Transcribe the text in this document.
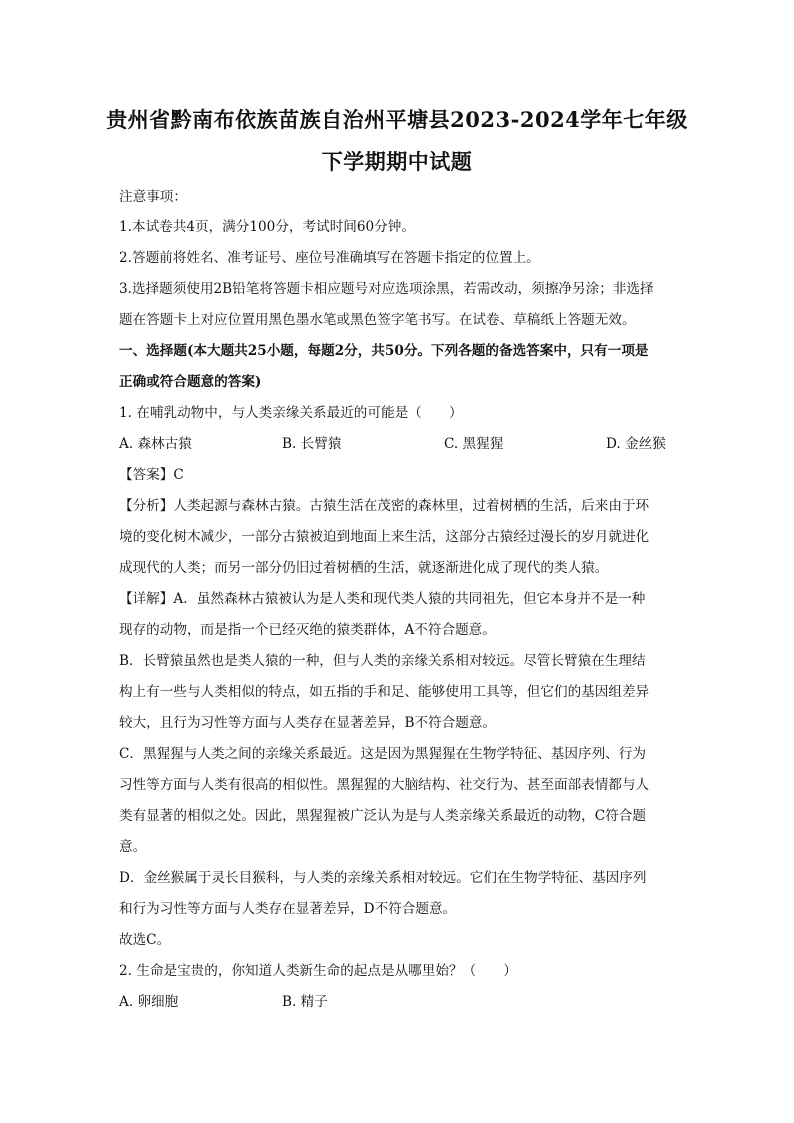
贵州省黔南布依族苗族自治州平塘县2023-2024学年七年级
下学期期中试题
注意事项：
1.本试卷共4页，满分100分，考试时间60分钟。
2.答题前将姓名、准考证号、座位号准确填写在答题卡指定的位置上。
3.选择题须使用2B铅笔将答题卡相应题号对应选项涂黑，若需改动，须擦净另涂；非选择
题在答题卡上对应位置用黑色墨水笔或黑色签字笔书写。在试卷、草稿纸上答题无效。
一、选择题(本大题共25小题，每题2分，共50分。下列各题的备选答案中，只有一项是
正确或符合题意的答案)
1. 在哺乳动物中，与人类亲缘关系最近的可能是（　　）
A. 森林古猿	B. 长臂猿	C. 黑猩猩	D. 金丝猴
【答案】C
【分析】人类起源与森林古猿。古猿生活在茂密的森林里，过着树栖的生活，后来由于环
境的变化树木减少，一部分古猿被迫到地面上来生活，这部分古猿经过漫长的岁月就进化
成现代的人类；而另一部分仍旧过着树栖的生活，就逐渐进化成了现代的类人猿。
【详解】A．虽然森林古猿被认为是人类和现代类人猿的共同祖先，但它本身并不是一种
现存的动物，而是指一个已经灭绝的猿类群体，A不符合题意。
B．长臂猿虽然也是类人猿的一种，但与人类的亲缘关系相对较远。尽管长臂猿在生理结
构上有一些与人类相似的特点，如五指的手和足、能够使用工具等，但它们的基因组差异
较大，且行为习性等方面与人类存在显著差异，B不符合题意。
C．黑猩猩与人类之间的亲缘关系最近。这是因为黑猩猩在生物学特征、基因序列、行为
习性等方面与人类有很高的相似性。黑猩猩的大脑结构、社交行为、甚至面部表情都与人
类有显著的相似之处。因此，黑猩猩被广泛认为是与人类亲缘关系最近的动物，C符合题
意。
D．金丝猴属于灵长目猴科，与人类的亲缘关系相对较远。它们在生物学特征、基因序列
和行为习性等方面与人类存在显著差异，D不符合题意。
故选C。
2. 生命是宝贵的，你知道人类新生命的起点是从哪里始？（　　）
A. 卵细胞	B. 精子
